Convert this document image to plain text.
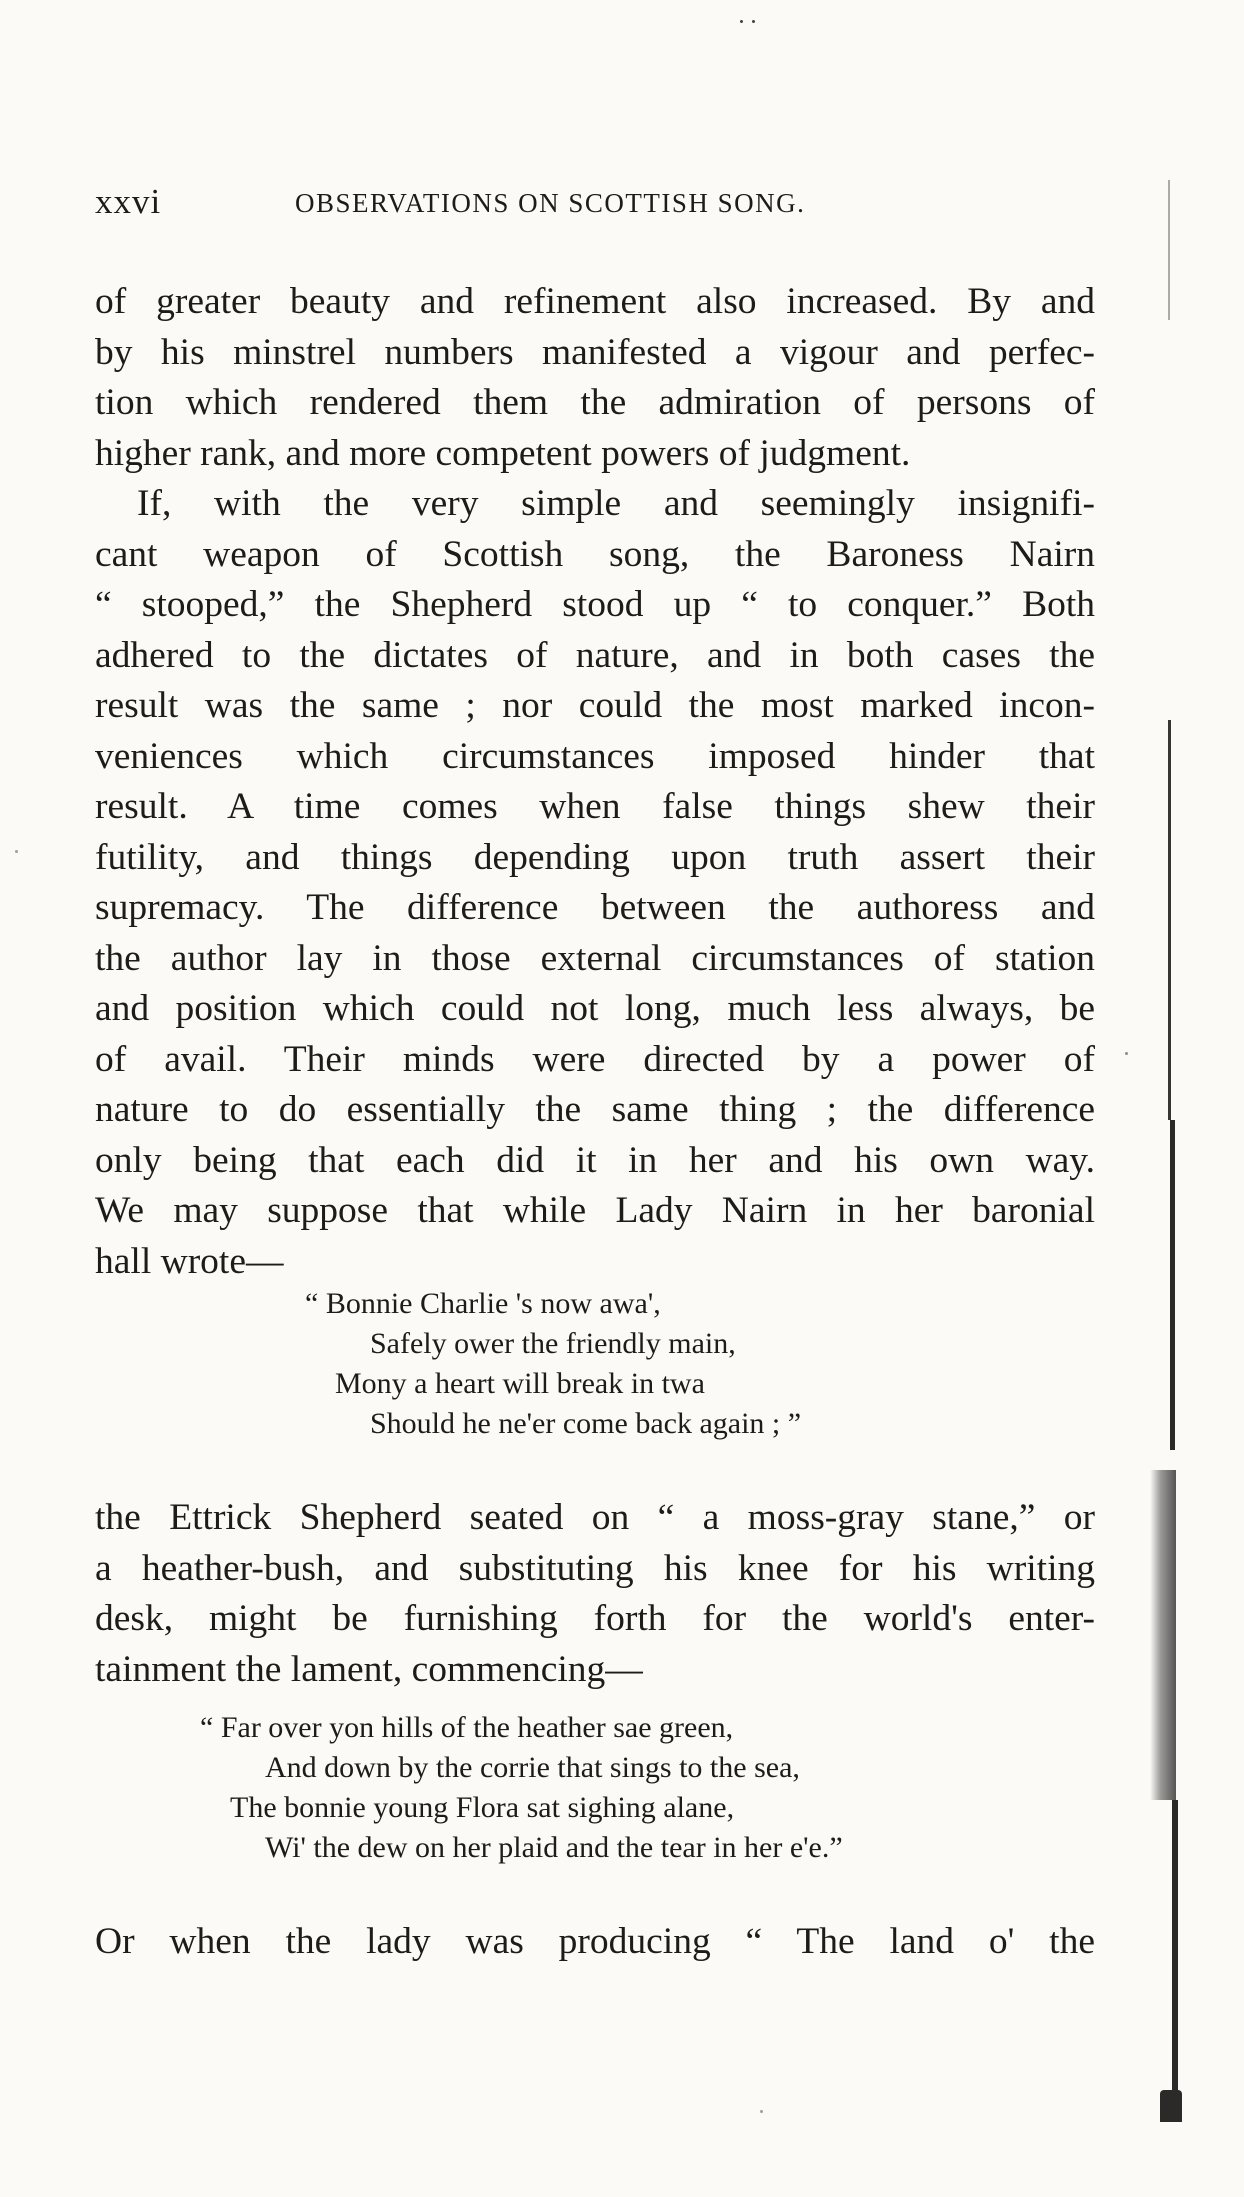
xxvi	OBSERVATIONS ON SCOTTISH SONG.
of greater beauty and refinement also increased. By and
by his minstrel numbers manifested a vigour and perfec-
tion which rendered them the admiration of persons of
higher rank, and more competent powers of judgment.
If, with the very simple and seemingly insignifi-
cant weapon of Scottish song, the Baroness Nairn
“ stooped,” the Shepherd stood up “ to conquer.” Both
adhered to the dictates of nature, and in both cases the
result was the same ; nor could the most marked incon-
veniences which circumstances imposed hinder that
result. A time comes when false things shew their
futility, and things depending upon truth assert their
supremacy. The difference between the authoress and
the author lay in those external circumstances of station
and position which could not long, much less always, be
of avail. Their minds were directed by a power of
nature to do essentially the same thing ; the difference
only being that each did it in her and his own way.
We may suppose that while Lady Nairn in her baronial
hall wrote—
“ Bonnie Charlie 's now awa',
Safely ower the friendly main,
Mony a heart will break in twa
Should he ne'er come back again ; ”
the Ettrick Shepherd seated on “ a moss-gray stane,” or
a heather-bush, and substituting his knee for his writing
desk, might be furnishing forth for the world's enter-
tainment the lament, commencing—
“ Far over yon hills of the heather sae green,
And down by the corrie that sings to the sea,
The bonnie young Flora sat sighing alane,
Wi' the dew on her plaid and the tear in her e'e.”
Or when the lady was producing “ The land o' the
